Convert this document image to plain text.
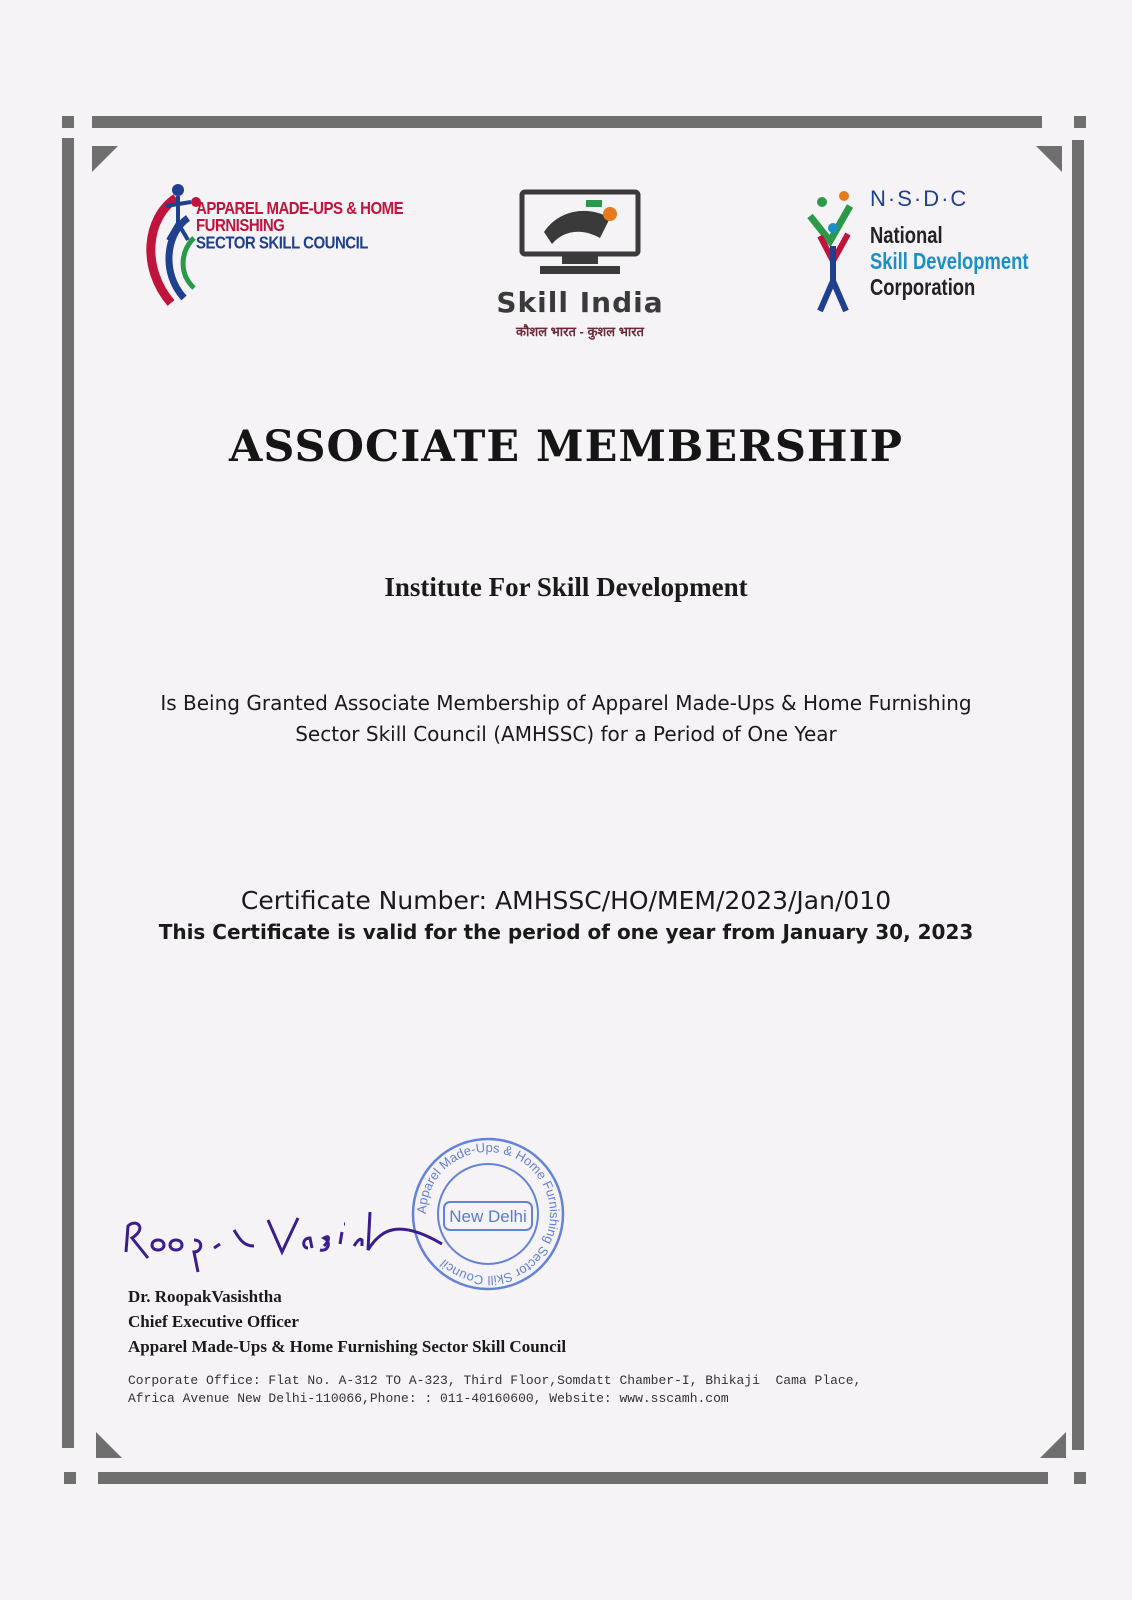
APPAREL MADE-UPS & HOME FURNISHING
SECTOR SKILL COUNCIL
Skill India
कौशल भारत - कुशल भारत
N·S·D·C
National
Skill Development
Corporation
ASSOCIATE MEMBERSHIP
Institute For Skill Development
Is Being Granted Associate Membership of Apparel Made-Ups & Home Furnishing
Sector Skill Council (AMHSSC) for a Period of One Year
Certificate Number: AMHSSC/HO/MEM/2023/Jan/010
This Certificate is valid for the period of one year from January 30, 2023
Apparel Made-Ups & Home Furnishing Sector Skill Council
New Delhi
Dr. RoopakVasishtha
Chief Executive Officer
Apparel Made-Ups & Home Furnishing Sector Skill Council
Corporate Office: Flat No. A-312 TO A-323, Third Floor,Somdatt Chamber-I, Bhikaji  Cama Place,
Africa Avenue New Delhi-110066,Phone: : 011-40160600, Website: www.sscamh.com
